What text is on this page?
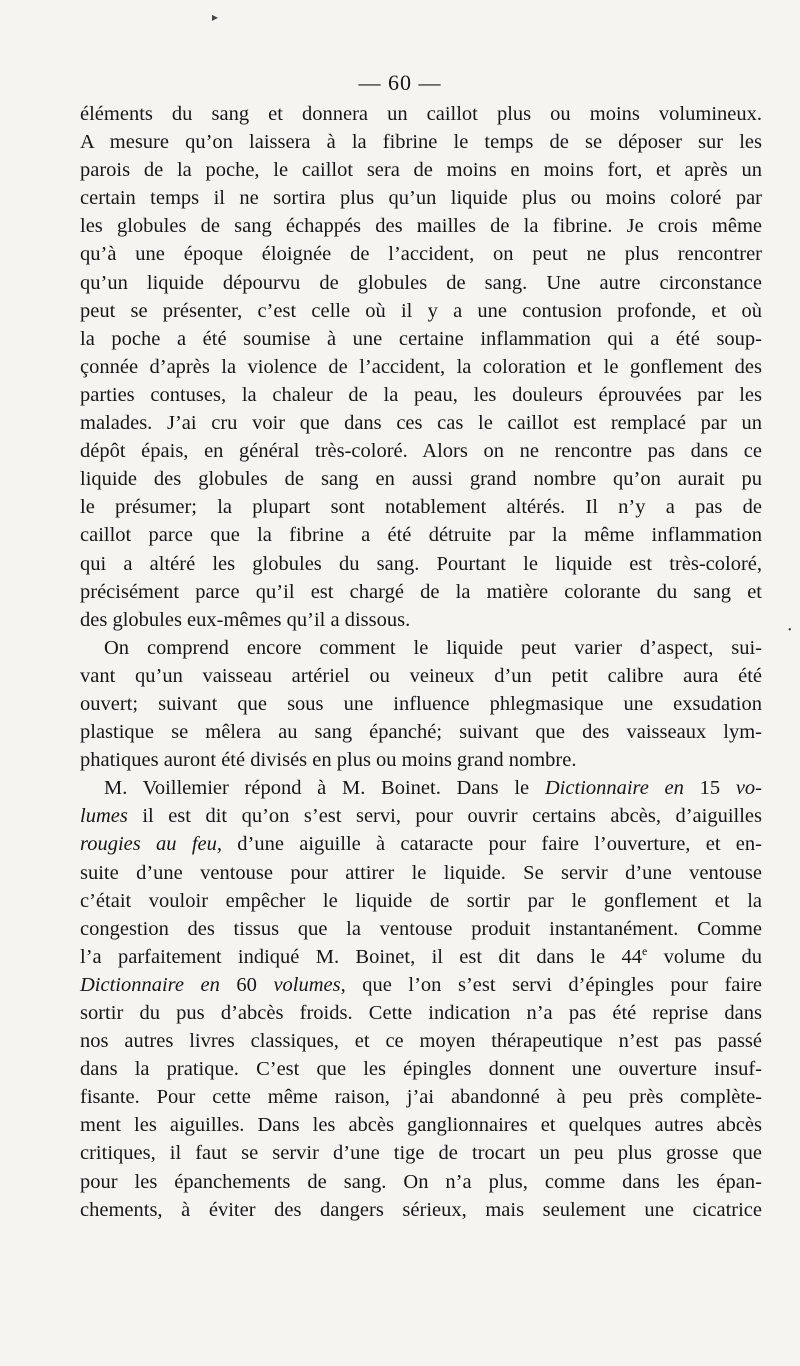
▸
— 60 —
éléments du sang et donnera un caillot plus ou moins volumineux.
A mesure qu’on laissera à la fibrine le temps de se déposer sur les
parois de la poche, le caillot sera de moins en moins fort, et après un
certain temps il ne sortira plus qu’un liquide plus ou moins coloré par
les globules de sang échappés des mailles de la fibrine. Je crois même
qu’à une époque éloignée de l’accident, on peut ne plus rencontrer
qu’un liquide dépourvu de globules de sang. Une autre circonstance
peut se présenter, c’est celle où il y a une contusion profonde, et où
la poche a été soumise à une certaine inflammation qui a été soup-
çonnée d’après la violence de l’accident, la coloration et le gonflement des
parties contuses, la chaleur de la peau, les douleurs éprouvées par les
malades. J’ai cru voir que dans ces cas le caillot est remplacé par un
dépôt épais, en général très-coloré. Alors on ne rencontre pas dans ce
liquide des globules de sang en aussi grand nombre qu’on aurait pu
le présumer; la plupart sont notablement altérés. Il n’y a pas de
caillot parce que la fibrine a été détruite par la même inflammation
qui a altéré les globules du sang. Pourtant le liquide est très-coloré,
précisément parce qu’il est chargé de la matière colorante du sang et
des globules eux-mêmes qu’il a dissous.
On comprend encore comment le liquide peut varier d’aspect, sui-
vant qu’un vaisseau artériel ou veineux d’un petit calibre aura été
ouvert; suivant que sous une influence phlegmasique une exsudation
plastique se mêlera au sang épanché; suivant que des vaisseaux lym-
phatiques auront été divisés en plus ou moins grand nombre.
M. Voillemier répond à M. Boinet. Dans le Dictionnaire en 15 vo-
lumes il est dit qu’on s’est servi, pour ouvrir certains abcès, d’aiguilles
rougies au feu, d’une aiguille à cataracte pour faire l’ouverture, et en-
suite d’une ventouse pour attirer le liquide. Se servir d’une ventouse
c’était vouloir empêcher le liquide de sortir par le gonflement et la
congestion des tissus que la ventouse produit instantanément. Comme
l’a parfaitement indiqué M. Boinet, il est dit dans le 44e volume du
Dictionnaire en 60 volumes, que l’on s’est servi d’épingles pour faire
sortir du pus d’abcès froids. Cette indication n’a pas été reprise dans
nos autres livres classiques, et ce moyen thérapeutique n’est pas passé
dans la pratique. C’est que les épingles donnent une ouverture insuf-
fisante. Pour cette même raison, j’ai abandonné à peu près complète-
ment les aiguilles. Dans les abcès ganglionnaires et quelques autres abcès
critiques, il faut se servir d’une tige de trocart un peu plus grosse que
pour les épanchements de sang. On n’a plus, comme dans les épan-
chements, à éviter des dangers sérieux, mais seulement une cicatrice
•
